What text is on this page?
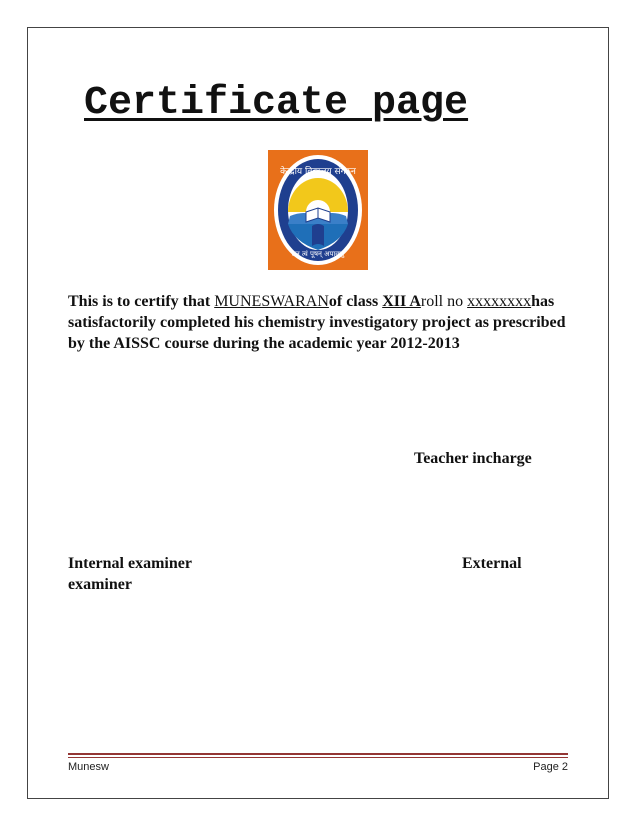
Certificate page
केन्द्रीय विद्यालय संगठन
तत् त्वं पूषन् अपावृणु

This is to certify that MUNESWARANof class XII Aroll no xxxxxxxxhas satisfactorily completed his chemistry investigatory project as prescribed by the AISSC course during the academic year 2012-2013

Teacher incharge

Internal examiner	External
examiner

Munesw	Page 2
